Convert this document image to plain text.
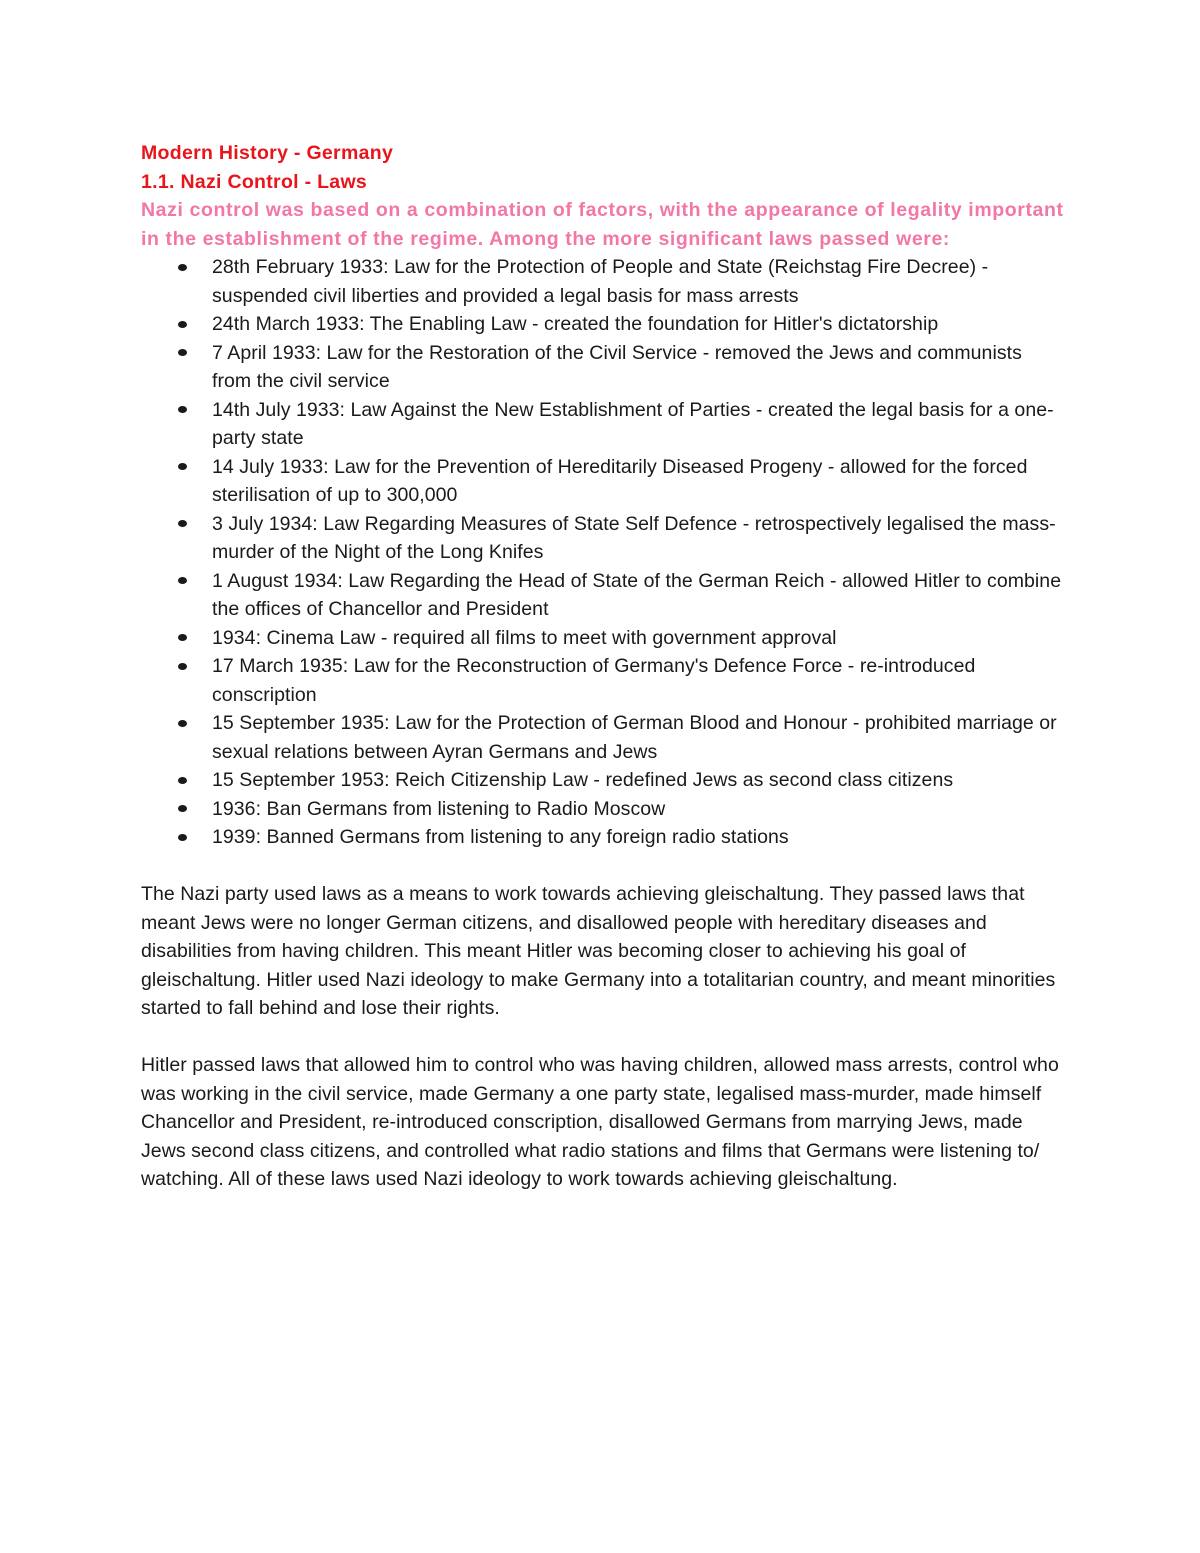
Modern History - Germany
1.1. Nazi Control - Laws

Nazi control was based on a combination of factors, with the appearance of legality important in the establishment of the regime. Among the more significant laws passed were:

28th February 1933: Law for the Protection of People and State (Reichstag Fire Decree) - suspended civil liberties and provided a legal basis for mass arrests
24th March 1933: The Enabling Law - created the foundation for Hitler's dictatorship
7 April 1933: Law for the Restoration of the Civil Service - removed the Jews and communists from the civil service
14th July 1933: Law Against the New Establishment of Parties - created the legal basis for a one-party state
14 July 1933: Law for the Prevention of Hereditarily Diseased Progeny - allowed for the forced sterilisation of up to 300,000
3 July 1934: Law Regarding Measures of State Self Defence - retrospectively legalised the mass-murder of the Night of the Long Knifes
1 August 1934: Law Regarding the Head of State of the German Reich - allowed Hitler to combine the offices of Chancellor and President
1934: Cinema Law - required all films to meet with government approval
17 March 1935: Law for the Reconstruction of Germany's Defence Force - re-introduced conscription
15 September 1935: Law for the Protection of German Blood and Honour - prohibited marriage or sexual relations between Ayran Germans and Jews
15 September 1953: Reich Citizenship Law - redefined Jews as second class citizens
1936: Ban Germans from listening to Radio Moscow
1939: Banned Germans from listening to any foreign radio stations

The Nazi party used laws as a means to work towards achieving gleischaltung. They passed laws that meant Jews were no longer German citizens, and disallowed people with hereditary diseases and disabilities from having children. This meant Hitler was becoming closer to achieving his goal of gleischaltung. Hitler used Nazi ideology to make Germany into a totalitarian country, and meant minorities started to fall behind and lose their rights.

Hitler passed laws that allowed him to control who was having children, allowed mass arrests, control who was working in the civil service, made Germany a one party state, legalised mass-murder, made himself Chancellor and President, re-introduced conscription, disallowed Germans from marrying Jews, made Jews second class citizens, and controlled what radio stations and films that Germans were listening to/ watching. All of these laws used Nazi ideology to work towards achieving gleischaltung.
